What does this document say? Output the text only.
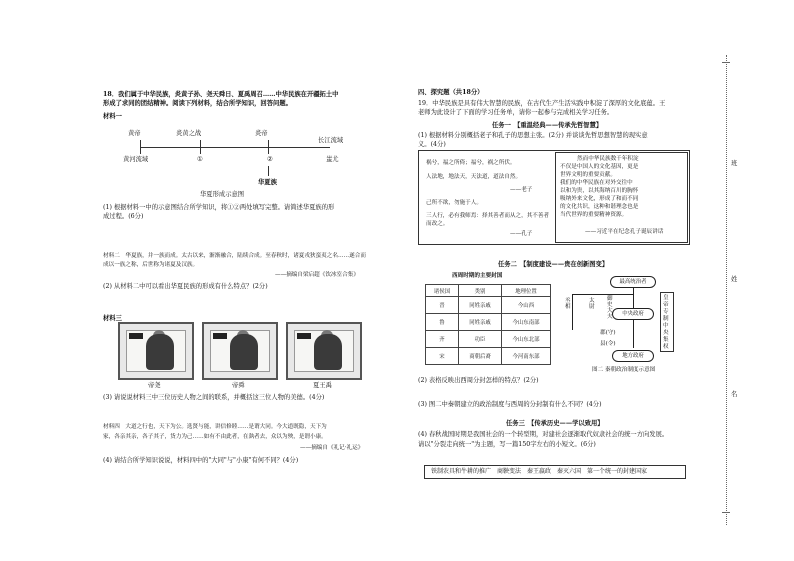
18．我们属于中华民族，炎黄子孙、尧天舜日、夏禹周召……中华民族在开疆拓土中
形成了求同的团结精神。阅读下列材料，结合所学知识，回答问题。
材料一
黄帝	炎黄之战	炎帝
长江流域
黄河流域	①	②	蚩尤
华夏族
华夏形成示意图
(1) 根据材料一中的示意图结合所学知识，将①②两处填写完整。请简述华夏族的形
成过程。(6分)
材料二　华夏族，并一族而成。太古以来，渐渐融合，陆续合成。至春秋时，诸夏戎狄蛮夷之名……遂合而
成以一族之称，后世称为诸夏及汉族。
——摘编自梁启超《饮冰室合集》
(2) 从材料二中可以看出华夏民族的形成有什么特点？(2分)
材料三
帝尧	帝舜	夏王禹
(3) 请说说材料三中三位历史人物之间的联系，并概括这三位人物的美德。(4分)
材料四　大道之行也，天下为公。选贤与能，讲信修睦……是谓大同。今大道既隐，天下为
家，各亲其亲，各子其子，货力为己……如有不由此者，在埶者去，众以为殃，是谓小康。
——摘编自《礼记·礼运》
(4) 请结合所学知识说说，材料四中的"大同"与"小康"有何不同？(4分)
四、探究题（共18分）
19．中华民族是具有伟大智慧的民族，在古代生产生活实践中积淀了深厚的文化底蕴。王
老师为此设计了下面的学习任务单，请你一起参与完成相关学习任务。
任务一　【重温经典——传承先哲智慧】
(1) 根据材料分别概括老子和孔子的思想主张。(2分) 并谈谈先哲思想智慧的现实意
义。(4分)
祸兮，福之所倚；福兮，祸之所伏。
人法地，地法天，天法道，道法自然。
——老子
己所不欲，勿施于人。
三人行，必有我师焉：择其善者而从之，其不善者而改之。
——孔子
然而中华民族数千年积淀
不仅是中国人的文化基因，更是
世界文明的重要贡献。
我们的中华民族在对外交往中
以和为贵，以其海纳百川的胸怀
吸纳外来文化，形成了和而不同
的文化共识，这种和谐理念也是
当代世界的重要精神资源。
——习近平在纪念孔子诞辰讲话
任务二　【制度建设——贵在创新图变】
西周时期的主要封国
诸侯国	类别	地理位置
晋	同姓亲戚	今山西
鲁	同姓亲戚	今山东南部
齐	功臣	今山东北部
宋	商朝后裔	今河南东部
最高统治者
丞相
太尉
御史大夫	中央政府
郡(守)
县(令)
地方政府
皇帝专制中央集权
图二 秦朝政治制度示意图
(2) 表格反映出西周分封怎样的特点？(2分)
(3) 图二中秦朝建立的政治制度与西周的分封制有什么不同？(4分)
任务三　【传承历史——学以致用】
(4) 春秋战国时期是我国社会的一个转型期，对建社会逐渐取代奴隶社会的统一方向发展。
请以"分裂走向统一"为主题，写一篇150字左右的小短文。(6分)
铁制农具和牛耕的推广　商鞅变法　秦王嬴政　秦灭六国　第一个统一的封建国家
班
姓
名
